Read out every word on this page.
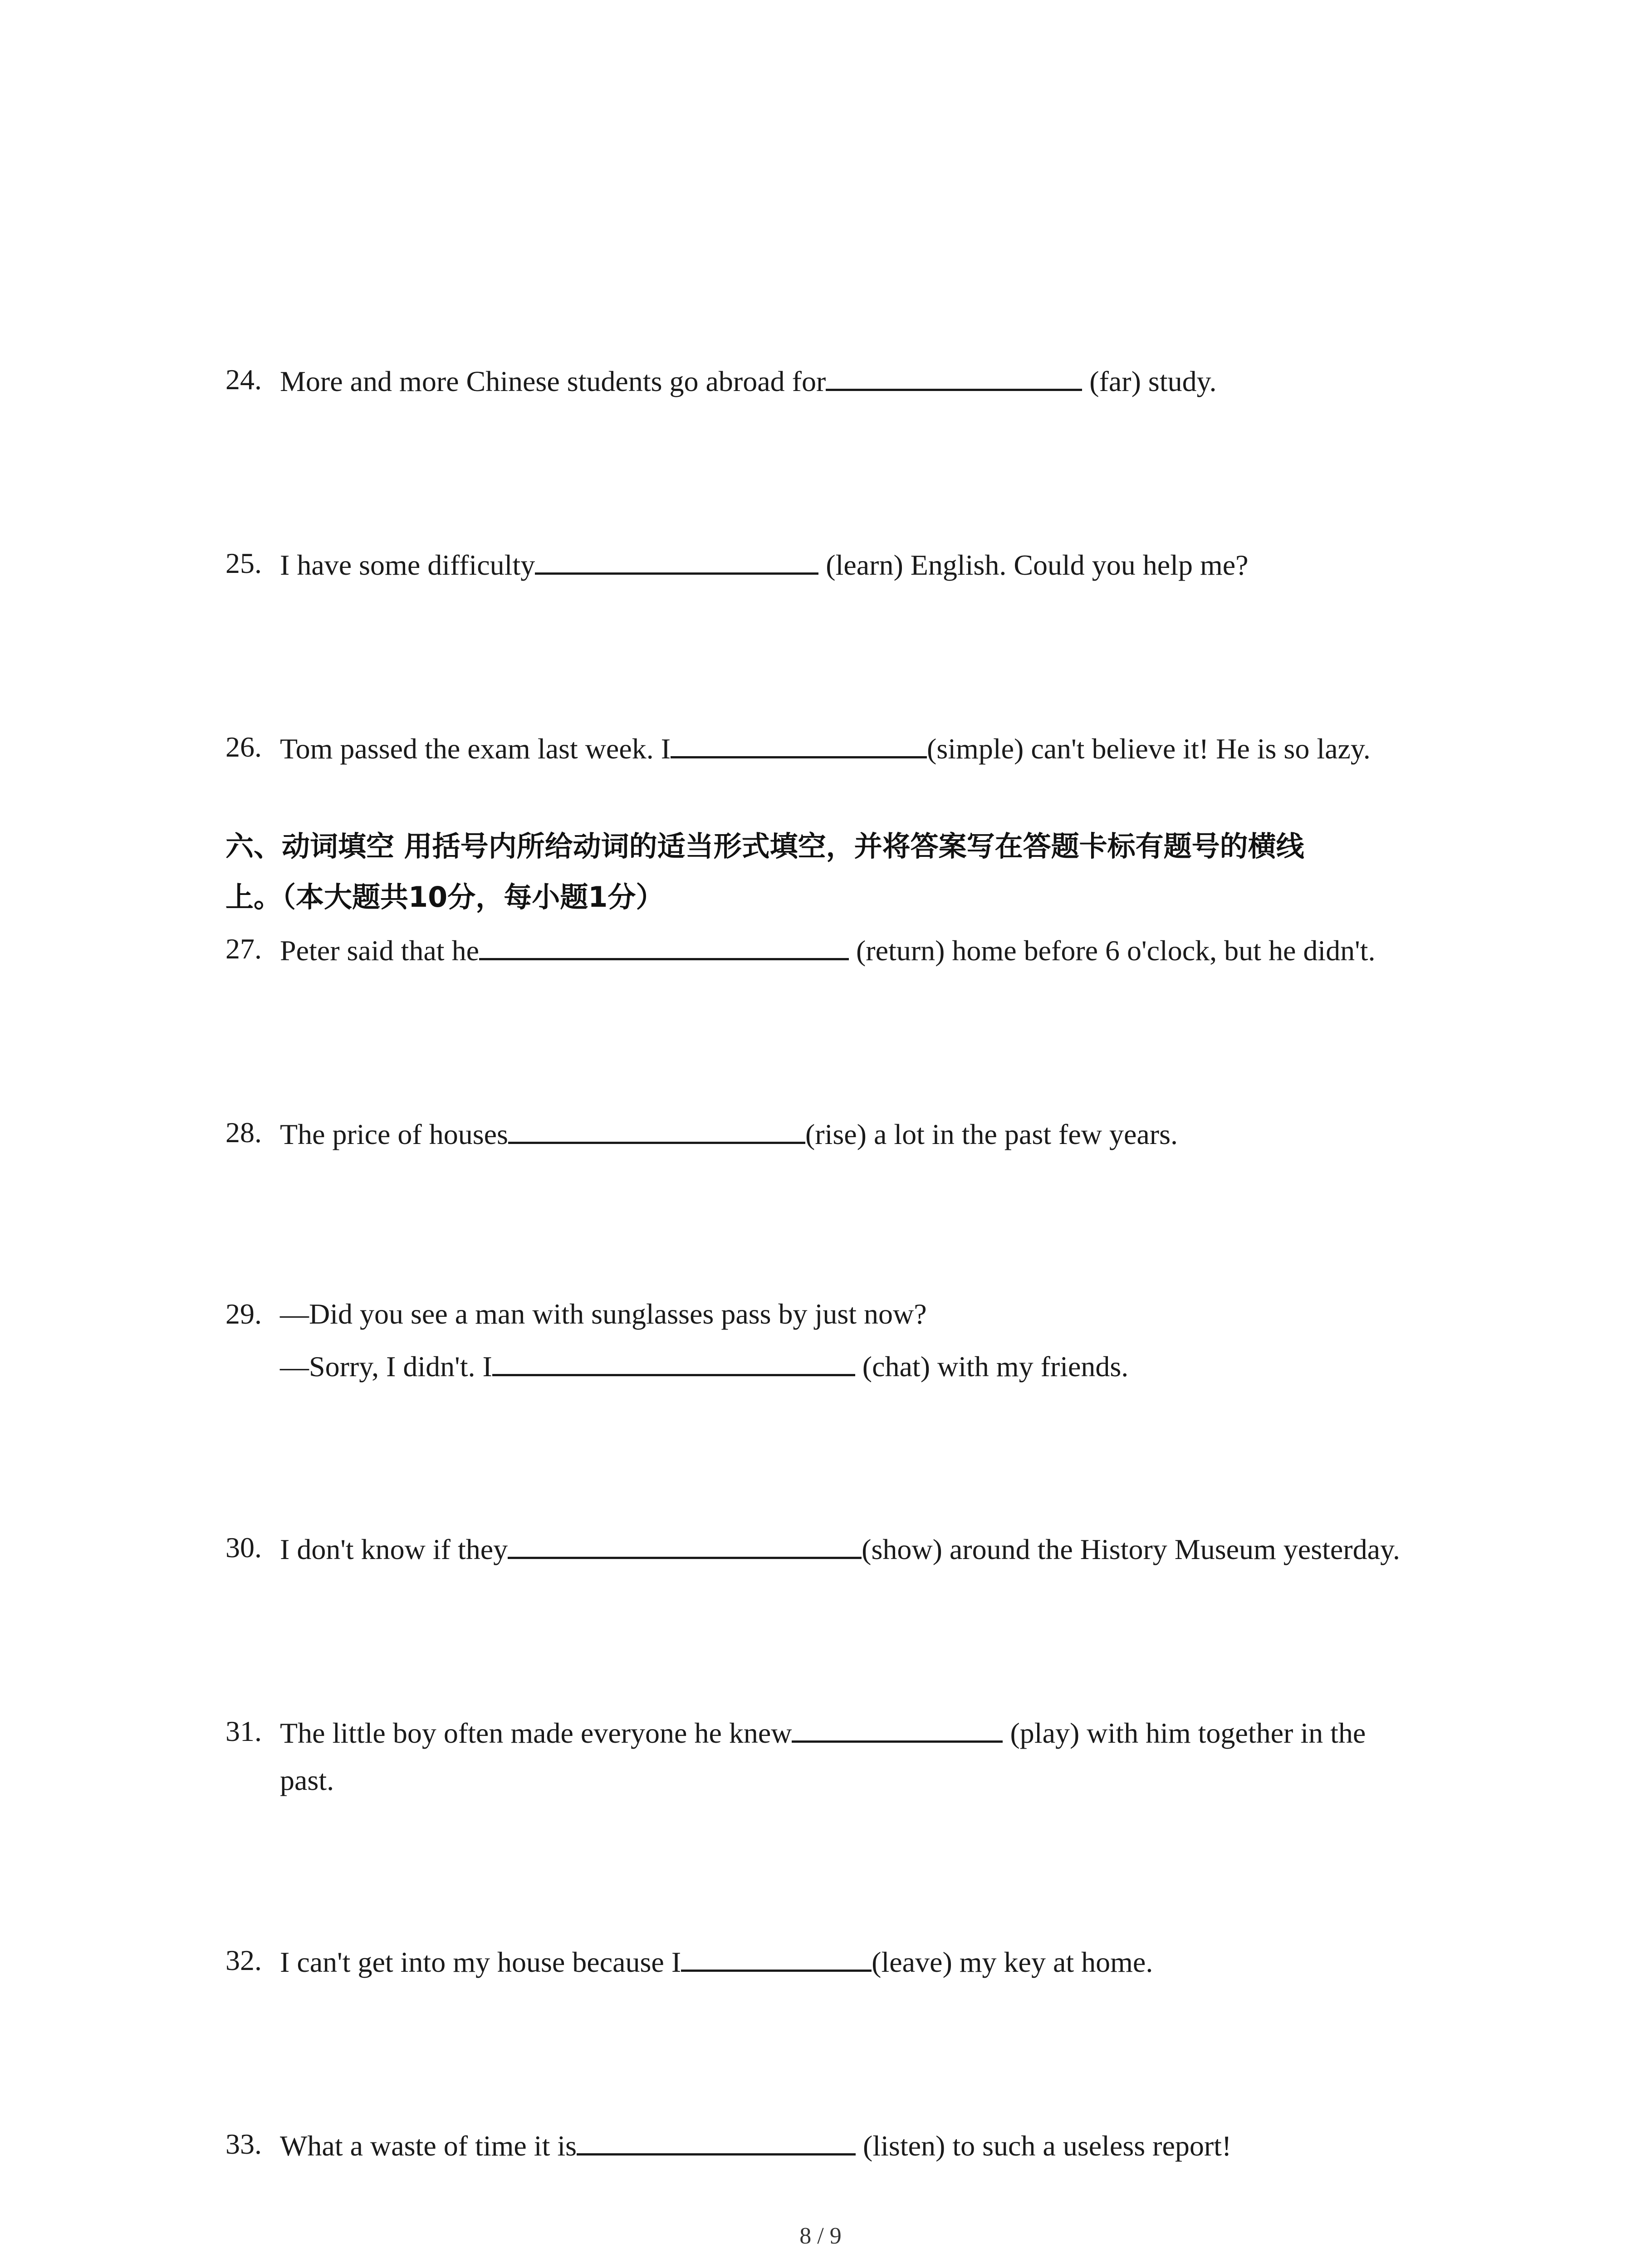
24. More and more Chinese students go abroad for	(far) study.
25. I have some difficulty	(learn) English. Could you help me?
26. Tom passed the exam last week. I	(simple) can't believe it! He is so lazy.
六、动词填空 用括号内所给动词的适当形式填空，并将答案写在答题卡标有题号的横线
上。（本大题共10分，每小题1分）
27. Peter said that he	(return) home before 6 o'clock, but he didn't.
28. The price of houses	(rise) a lot in the past few years.
29. —Did you see a man with sunglasses pass by just now?
—Sorry, I didn't. I	(chat) with my friends.
30. I don't know if they	(show) around the History Museum yesterday.
31. The little boy often made everyone he knew	(play) with him together in the
past.
32. I can't get into my house because I	(leave) my key at home.
33. What a waste of time it is	(listen) to such a useless report!
8 / 9
